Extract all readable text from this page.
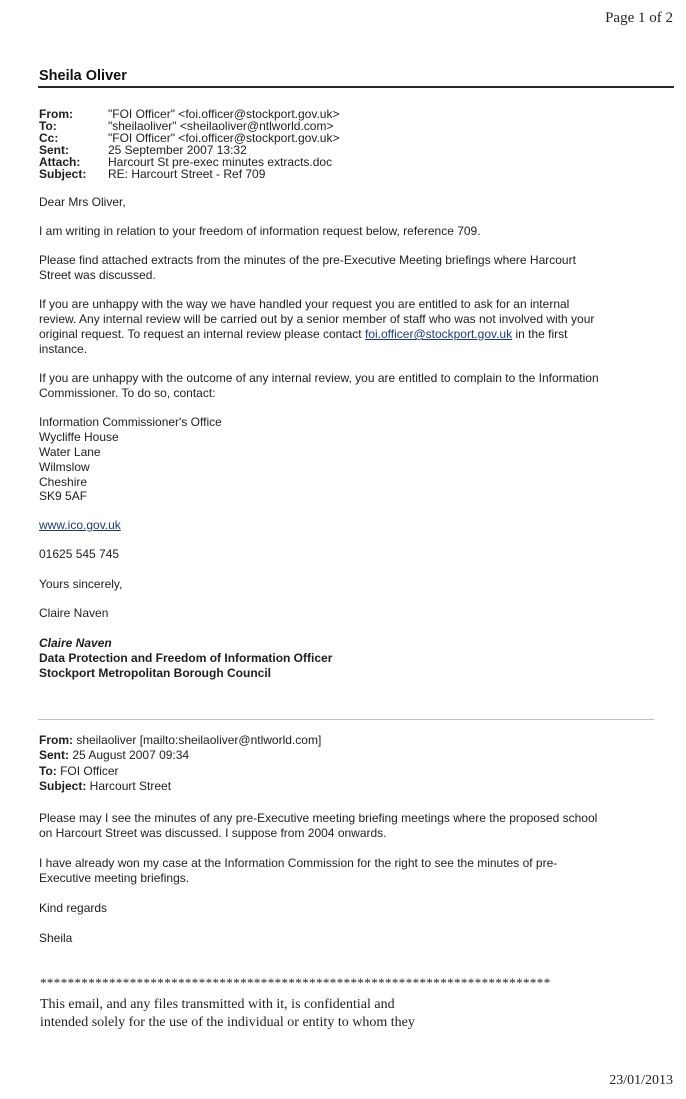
Page 1 of 2
Sheila Oliver
From:	"FOI Officer" <foi.officer@stockport.gov.uk>
To:	"sheilaoliver" <sheilaoliver@ntlworld.com>
Cc:	"FOI Officer" <foi.officer@stockport.gov.uk>
Sent:	25 September 2007 13:32
Attach:	Harcourt St pre-exec minutes extracts.doc
Subject:	RE: Harcourt Street - Ref 709
Dear Mrs Oliver,
I am writing in relation to your freedom of information request below, reference 709.
Please find attached extracts from the minutes of the pre-Executive Meeting briefings where Harcourt
Street was discussed.
If you are unhappy with the way we have handled your request you are entitled to ask for an internal
review. Any internal review will be carried out by a senior member of staff who was not involved with your
original request. To request an internal review please contact foi.officer@stockport.gov.uk in the first
instance.
If you are unhappy with the outcome of any internal review, you are entitled to complain to the Information
Commissioner. To do so, contact:
Information Commissioner's Office
Wycliffe House
Water Lane
Wilmslow
Cheshire
SK9 5AF
www.ico.gov.uk
01625 545 745
Yours sincerely,
Claire Naven
Claire Naven
Data Protection and Freedom of Information Officer
Stockport Metropolitan Borough Council
From: sheilaoliver [mailto:sheilaoliver@ntlworld.com]
Sent: 25 August 2007 09:34
To: FOI Officer
Subject: Harcourt Street
Please may I see the minutes of any pre-Executive meeting briefing meetings where the proposed school
on Harcourt Street was discussed. I suppose from 2004 onwards.
I have already won my case at the Information Commission for the right to see the minutes of pre-
Executive meeting briefings.
Kind regards
Sheila
**************************************************************************
This email, and any files transmitted with it, is confidential and
intended solely for the use of the individual or entity to whom they
23/01/2013
